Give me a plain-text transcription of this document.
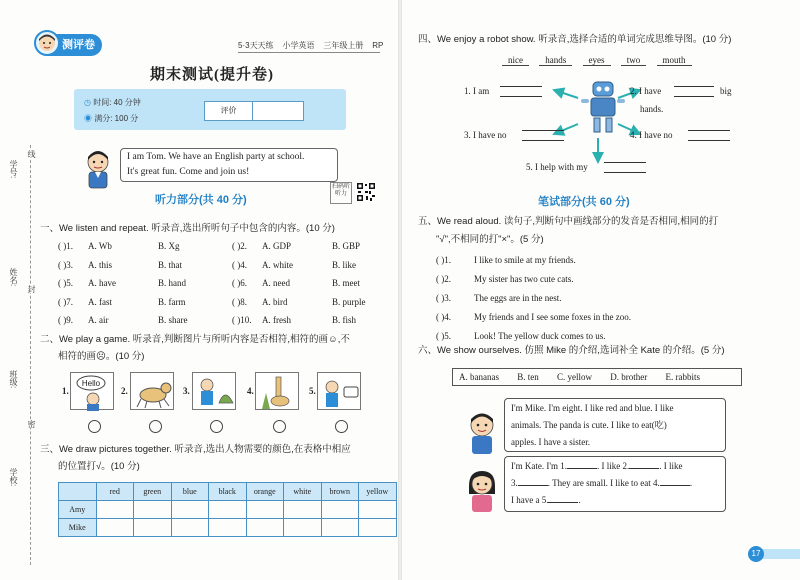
学号:
姓名:
班级:
学校:
线
封
密
测评卷	5·3天天练 小学英语 三年级上册 RP
期末测试(提升卷)
◷ 时间: 40 分钟
◉ 满分: 100 分
评价
I am Tom. We have an English party at school.
It's great fun. Come and join us!
听力部分(共 40 分)
扫码听听力
一、We listen and repeat. 听录音,选出所听句子中包含的内容。(10 分)
( )1. A. Wb	B. Xg	( )2. A. GDP	B. GBP
( )3. A. this	B. that	( )4. A. white	B. like
( )5. A. have	B. hand	( )6. A. need	B. meet
( )7. A. fast	B. farm	( )8. A. bird	B. purple
( )9. A. air	B. share	( )10. A. fresh	B. fish
二、We play a game. 听录音,判断图片与所听内容是否相符,相符的画☺,不
相符的画☹。(10 分)
1.
Hello
2.	3.	4.	5.
三、We draw pictures together. 听录音,选出人物需要的颜色,在表格中相应
的位置打√。(10 分)
	red	green	blue	black	orange	white	brown	yellow
Amy								
Mike								
四、We enjoy a robot show. 听录音,选择合适的单词完成思维导图。(10 分)
nice hands eyes two mouth
1. I am	2. I have	big
hands.
3. I have no	4. I have no
5. I help with my
笔试部分(共 60 分)
五、We read aloud. 读句子,判断句中画线部分的发音是否相同,相同的打
"√",不相同的打"×"。(5 分)
( )1.	I like to smile at my friends.
( )2.	My sister has two cute cats.
( )3.	The eggs are in the nest.
( )4.	My friends and I see some foxes in the zoo.
( )5.	Look! The yellow duck comes to us.
六、We show ourselves. 仿照 Mike 的介绍,选词补全 Kate 的介绍。(5 分)
A. bananas B. ten C. yellow D. brother E. rabbits
I'm Mike. I'm eight. I like red and blue. I like
animals. The panda is cute. I like to eat(吃)
apples. I have a sister.
I'm Kate. I'm 1.	. I like 2.	. I like
3.	. They are small. I like to eat 4.	.
I have a 5.	.
17
